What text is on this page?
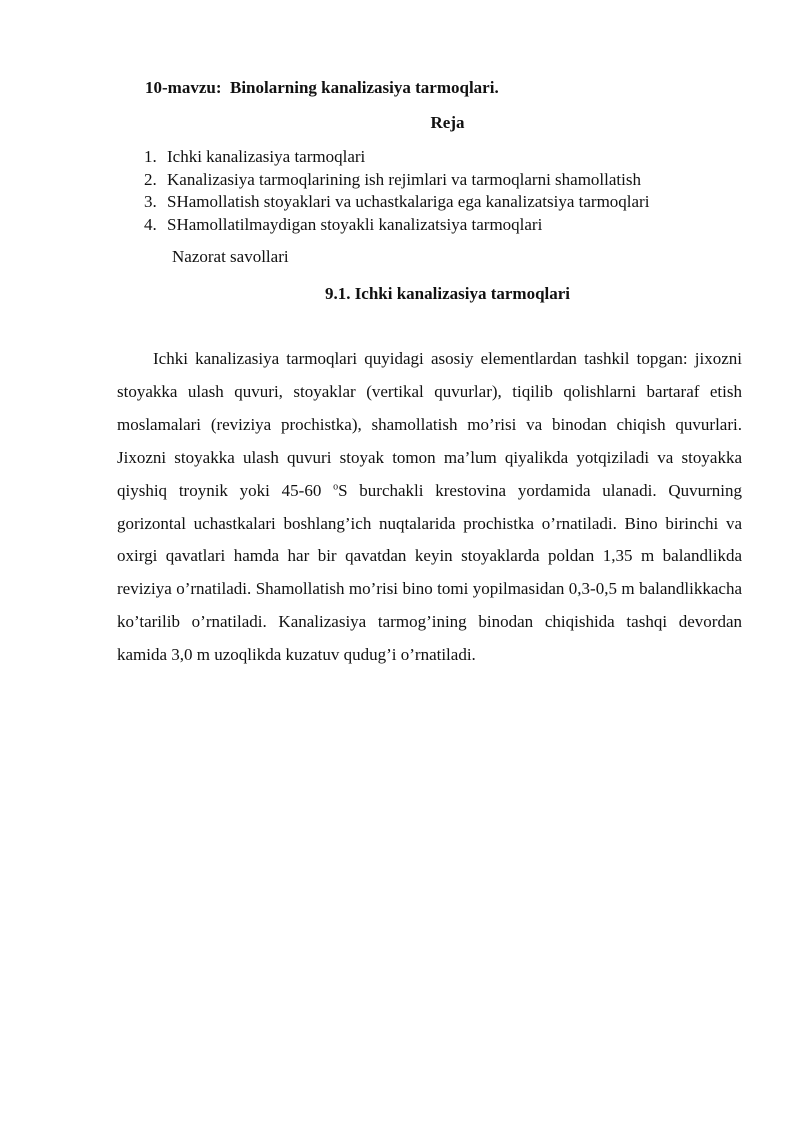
10-mavzu:  Binolarning kanalizasiya tarmoqlari.

Reja

1. Ichki kanalizasiya tarmoqlari
2. Kanalizasiya tarmoqlarining ish rejimlari va tarmoqlarni shamollatish
3. SHamollatish stoyaklari va uchastkalariga ega kanalizatsiya tarmoqlari
4. SHamollatilmaydigan stoyakli kanalizatsiya tarmoqlari

Nazorat savollari

9.1. Ichki kanalizasiya tarmoqlari

Ichki kanalizasiya tarmoqlari quyidagi asosiy elementlardan tashkil topgan: jixozni stoyakka ulash quvuri, stoyaklar (vertikal quvurlar), tiqilib qolishlarni bartaraf etish moslamalari (reviziya prochistka), shamollatish mo’risi va binodan chiqish quvurlari. Jixozni stoyakka ulash quvuri stoyak tomon ma’lum qiyalikda yotqiziladi va stoyakka qiyshiq troynik yoki 45-60 $^o$S burchakli krestovina yordamida ulanadi. Quvurning gorizontal uchastkalari boshlang’ich nuqtalarida prochistka o’rnatiladi. Bino birinchi va oxirgi qavatlari hamda har bir qavatdan keyin stoyaklarda poldan 1,35 m balandlikda reviziya o’rnatiladi. Shamollatish mo’risi bino tomi yopilmasidan 0,3-0,5 m balandlikkacha ko’tarilib o’rnatiladi. Kanalizasiya tarmog’ining binodan chiqishida tashqi devordan kamida 3,0 m uzoqlikda kuzatuv qudug’i o’rnatiladi.
